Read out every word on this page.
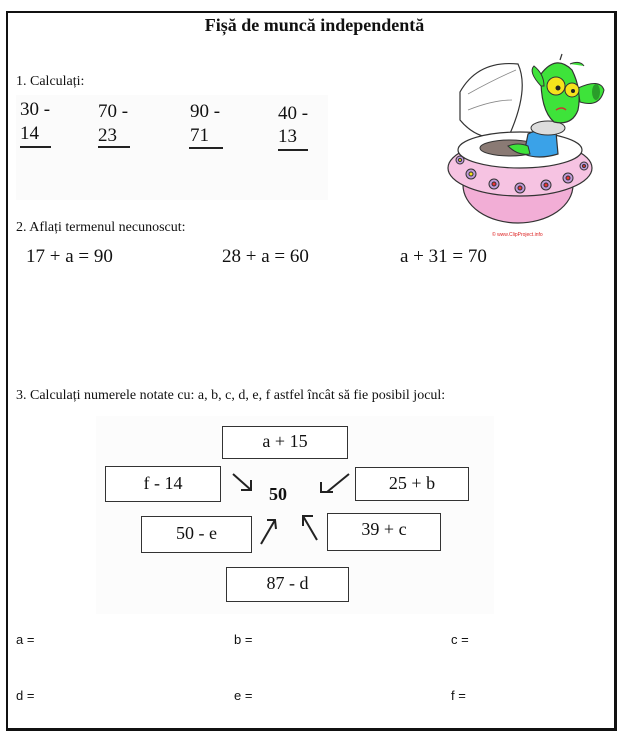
Fișă de muncă independentă
1. Calculați:
30 -
14
70 -
23
90 -
71
40 -
13
© www.ClipProject.info
2. Aflați termenul necunoscut:
17 + a = 90	28 + a = 60	a + 31 = 70
3. Calculați numerele notate cu: a, b, c, d, e, f astfel încât să fie posibil jocul:
a + 15
f - 14	25 + b
50 - e	39 + c
87 - d
50
a =	b =	c =
d =	e =	f =
